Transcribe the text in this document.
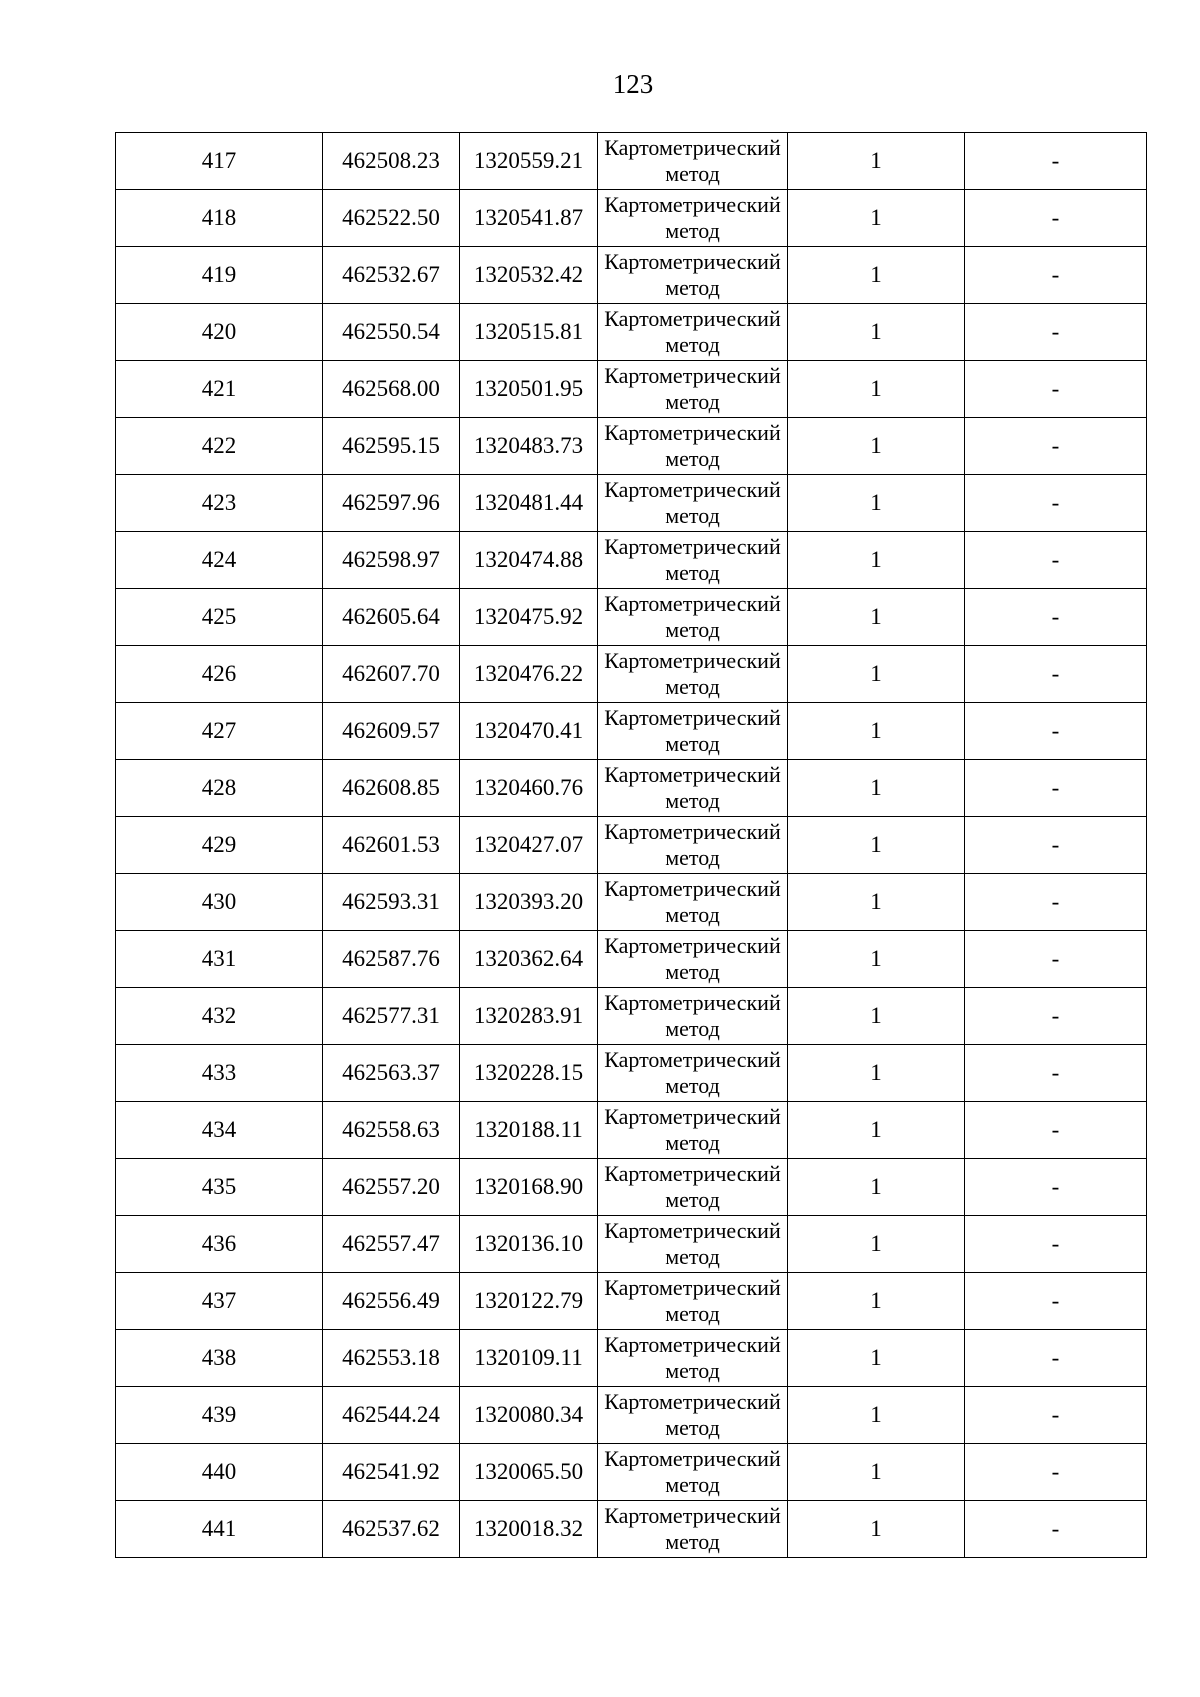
123
417	462508.23	1320559.21	Картометрический метод	1	-
418	462522.50	1320541.87	Картометрический метод	1	-
419	462532.67	1320532.42	Картометрический метод	1	-
420	462550.54	1320515.81	Картометрический метод	1	-
421	462568.00	1320501.95	Картометрический метод	1	-
422	462595.15	1320483.73	Картометрический метод	1	-
423	462597.96	1320481.44	Картометрический метод	1	-
424	462598.97	1320474.88	Картометрический метод	1	-
425	462605.64	1320475.92	Картометрический метод	1	-
426	462607.70	1320476.22	Картометрический метод	1	-
427	462609.57	1320470.41	Картометрический метод	1	-
428	462608.85	1320460.76	Картометрический метод	1	-
429	462601.53	1320427.07	Картометрический метод	1	-
430	462593.31	1320393.20	Картометрический метод	1	-
431	462587.76	1320362.64	Картометрический метод	1	-
432	462577.31	1320283.91	Картометрический метод	1	-
433	462563.37	1320228.15	Картометрический метод	1	-
434	462558.63	1320188.11	Картометрический метод	1	-
435	462557.20	1320168.90	Картометрический метод	1	-
436	462557.47	1320136.10	Картометрический метод	1	-
437	462556.49	1320122.79	Картометрический метод	1	-
438	462553.18	1320109.11	Картометрический метод	1	-
439	462544.24	1320080.34	Картометрический метод	1	-
440	462541.92	1320065.50	Картометрический метод	1	-
441	462537.62	1320018.32	Картометрический метод	1	-
